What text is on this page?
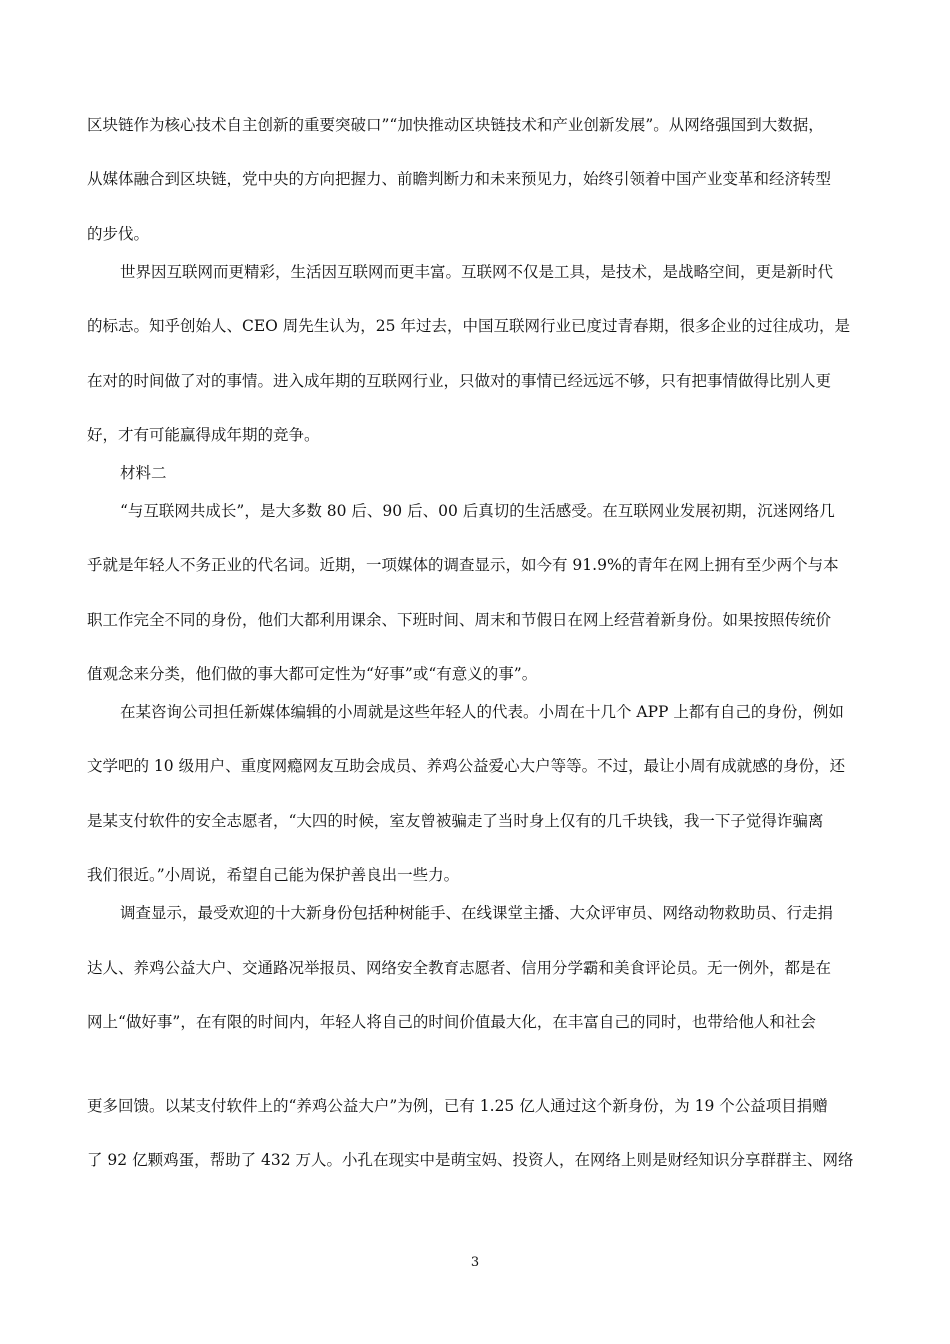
区块链作为核心技术自主创新的重要突破口”“加快推动区块链技术和产业创新发展”。从网络强国到大数据，

从媒体融合到区块链，党中央的方向把握力、前瞻判断力和未来预见力，始终引领着中国产业变革和经济转型

的步伐。

世界因互联网而更精彩，生活因互联网而更丰富。互联网不仅是工具，是技术，是战略空间，更是新时代

的标志。知乎创始人、CEO 周先生认为，25 年过去，中国互联网行业已度过青春期，很多企业的过往成功，是

在对的时间做了对的事情。进入成年期的互联网行业，只做对的事情已经远远不够，只有把事情做得比别人更

好，才有可能赢得成年期的竞争。

材料二

“与互联网共成长”，是大多数 80 后、90 后、00 后真切的生活感受。在互联网业发展初期，沉迷网络几

乎就是年轻人不务正业的代名词。近期，一项媒体的调查显示，如今有 91.9%的青年在网上拥有至少两个与本

职工作完全不同的身份，他们大都利用课余、下班时间、周末和节假日在网上经营着新身份。如果按照传统价

值观念来分类，他们做的事大都可定性为“好事”或“有意义的事”。

在某咨询公司担任新媒体编辑的小周就是这些年轻人的代表。小周在十几个 APP 上都有自己的身份，例如

文学吧的 10 级用户、重度网瘾网友互助会成员、养鸡公益爱心大户等等。不过，最让小周有成就感的身份，还

是某支付软件的安全志愿者，“大四的时候，室友曾被骗走了当时身上仅有的几千块钱，我一下子觉得诈骗离

我们很近。”小周说，希望自己能为保护善良出一些力。

调查显示，最受欢迎的十大新身份包括种树能手、在线课堂主播、大众评审员、网络动物救助员、行走捐

达人、养鸡公益大户、交通路况举报员、网络安全教育志愿者、信用分学霸和美食评论员。无一例外，都是在

网上“做好事”，在有限的时间内，年轻人将自己的时间价值最大化，在丰富自己的同时，也带给他人和社会

更多回馈。以某支付软件上的“养鸡公益大户”为例，已有 1.25 亿人通过这个新身份，为 19 个公益项目捐赠

了 92 亿颗鸡蛋，帮助了 432 万人。小孔在现实中是萌宝妈、投资人，在网络上则是财经知识分享群群主、网络

3
